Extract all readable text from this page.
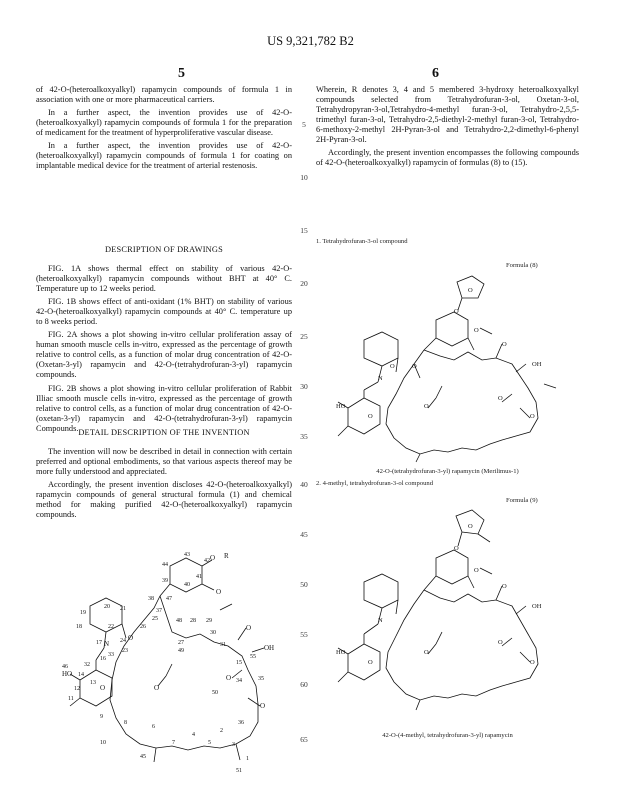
US 9,321,782 B2
5	6

of 42-O-(heteroalkoxyalkyl) rapamycin compounds of formula 1 in association with one or more pharmaceutical carriers.

In a further aspect, the invention provides use of 42-O-(heteroalkoxyalkyl) rapamycin compounds of formula 1 for the preparation of medicament for the treatment of hyperproliferative vascular disease.

In a further aspect, the invention provides use of 42-O-(heteroalkoxyalkyl) rapamycin compounds of formula 1 for coating on implantable medical device for the treatment of arterial restenosis.

DESCRIPTION OF DRAWINGS

FIG. 1A shows thermal effect on stability of various 42-O-(heteroalkoxyalkyl) rapamycin compounds without BHT at 40° C. Temperature up to 12 weeks period.

FIG. 1B shows effect of anti-oxidant (1% BHT) on stability of various 42-O-(heteroalkoxyalkyl) rapamycin compounds at 40° C. temperature up to 8 weeks period.

FIG. 2A shows a plot showing in-vitro cellular proliferation assay of human smooth muscle cells in-vitro, expressed as the percentage of growth relative to control cells, as a function of molar drug concentration of 42-O-(Oxetan-3-yl) rapamycin and 42-O-(tetrahydrofuran-3-yl) rapamycin compounds.

FIG. 2B shows a plot showing in-vitro cellular proliferation of Rabbit Illiac smooth muscle cells in-vitro, expressed as the percentage of growth relative to control cells, as a function of molar drug concentration of 42-O-(oxetan-3-yl) rapamycin and 42-O-(tetrahydrofuran-3-yl) rapamycin Compounds. DETAIL DESCRIPTION OF THE INVENTION

The invention will now be described in detail in connection with certain preferred and optional embodiments, so that various aspects thereof may be more fully understood and appreciated.

Accordingly, the present invention discloses 42-O-(heteroalkoxyalkyl) rapamycin compounds of general structural formula (1) and chemical method for making purified 42-O-(heteroalkoxyalkyl) rapamycin compounds.

5
10
15
20
25
30
35
40
45
50
55
60
65

Wherein, R denotes 3, 4 and 5 membered 3-hydroxy heteroalkoxyalkyl compounds selected from Tetrahydrofuran-3-ol, Oxetan-3-ol, Tetrahydropyran-3-ol,Tetrahydro-4-methyl furan-3-ol, Tetrahydro-2,5,5-trimethyl furan-3-ol, Tetrahydro-2,5-diethyl-2-methyl furan-3-ol, Tetrahydro-6-methoxy-2-methyl 2H-Pyran-3-ol and Tetrahydro-2,2-dimethyl-6-phenyl 2H-Pyran-3-ol.

Accordingly, the present invention encompasses the following compounds of 42-O-(heteroalkoxyalkyl) rapamycin of formulas (8) to (15).

1. Tetrahydrofuran-3-ol compound
Formula (8)
O
O
O
N
O	O
O
OH
O
O
HO
O
O
42-O-(tetrahydrofuran-3-yl) rapamycin (Merilimus-1)
2. 4-methyl, tetrahydrofuran-3-ol compound
Formula (9)
O
O
O
N
O
OH
O
O
HO
O
O
42-O-(4-methyl, tetrahydrofuran-3-yl) rapamycin
43
42
41
44
40
39
38 47
37
25
26
48 28 29
30
19
20 21
22
24	27
18
23
17	31
55
16
49
32	15
33
46
13
14
34	35
12
50
11
9
8
6
4
2
36
10
45
7	5	3
1
51
O R
O
N
O
O
OH
O
O
HO
O	O
